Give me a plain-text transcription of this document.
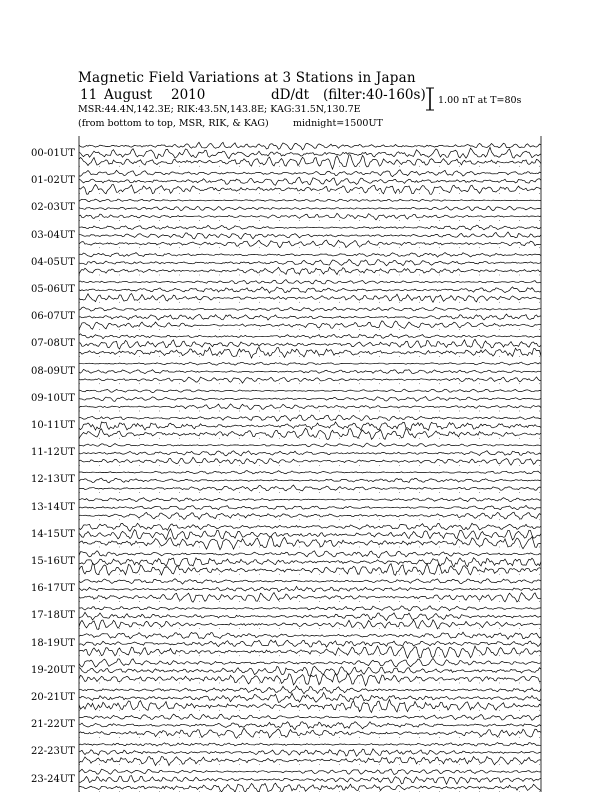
Magnetic Field Variations at 3 Stations in Japan
11 August 2010	dD/dt (filter:40-160s)
MSR:44.4N,142.3E; RIK:43.5N,143.8E; KAG:31.5N,130.7E
(from bottom to top, MSR, RIK, & KAG)	midnight=1500UT
1.00 nT at T=80s
00-01UT
01-02UT
02-03UT
03-04UT
04-05UT
05-06UT
06-07UT
07-08UT
08-09UT
09-10UT
10-11UT
11-12UT
12-13UT
13-14UT
14-15UT
15-16UT
16-17UT
17-18UT
18-19UT
19-20UT
20-21UT
21-22UT
22-23UT
23-24UT
